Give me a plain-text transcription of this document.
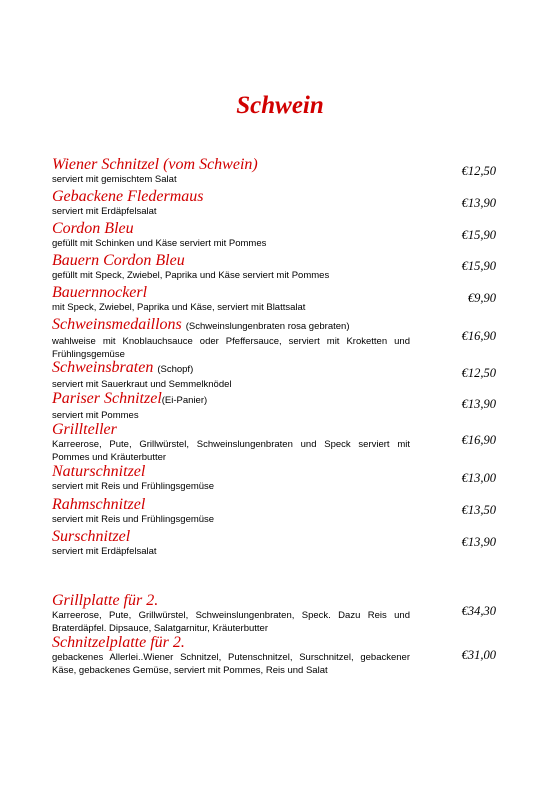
Schwein
Wiener Schnitzel (vom Schwein)
serviert mit gemischtem Salat
€12,50
Gebackene Fledermaus
serviert mit Erdäpfelsalat
€13,90
Cordon Bleu
gefüllt mit Schinken und Käse serviert mit Pommes
€15,90
Bauern Cordon Bleu
gefüllt mit Speck, Zwiebel, Paprika und Käse serviert mit Pommes
€15,90
Bauernnockerl
mit Speck, Zwiebel, Paprika und Käse, serviert mit Blattsalat
€9,90
Schweinsmedaillons (Schweinslungenbraten rosa gebraten)
wahlweise mit Knoblauchsauce oder Pfeffersauce, serviert mit Kroketten und Frühlingsgemüse
€16,90
Schweinsbraten (Schopf)
serviert mit Sauerkraut und Semmelknödel
€12,50
Pariser Schnitzel(Ei-Panier)
serviert mit Pommes
€13,90
Grillteller
Karreerose, Pute, Grillwürstel, Schweinslungenbraten und Speck serviert mit Pommes und Kräuterbutter
€16,90
Naturschnitzel
serviert mit Reis und Frühlingsgemüse
€13,00
Rahmschnitzel
serviert mit Reis und Frühlingsgemüse
€13,50
Surschnitzel
serviert mit Erdäpfelsalat
€13,90
Grillplatte für 2.
Karreerose, Pute, Grillwürstel, Schweinslungenbraten, Speck. Dazu Reis und Braterdäpfel. Dipsauce, Salatgarnitur, Kräuterbutter
€34,30
Schnitzelplatte für 2.
gebackenes Allerlei..Wiener Schnitzel, Putenschnitzel, Surschnitzel, gebackener Käse, gebackenes Gemüse, serviert mit Pommes, Reis und Salat
€31,00
